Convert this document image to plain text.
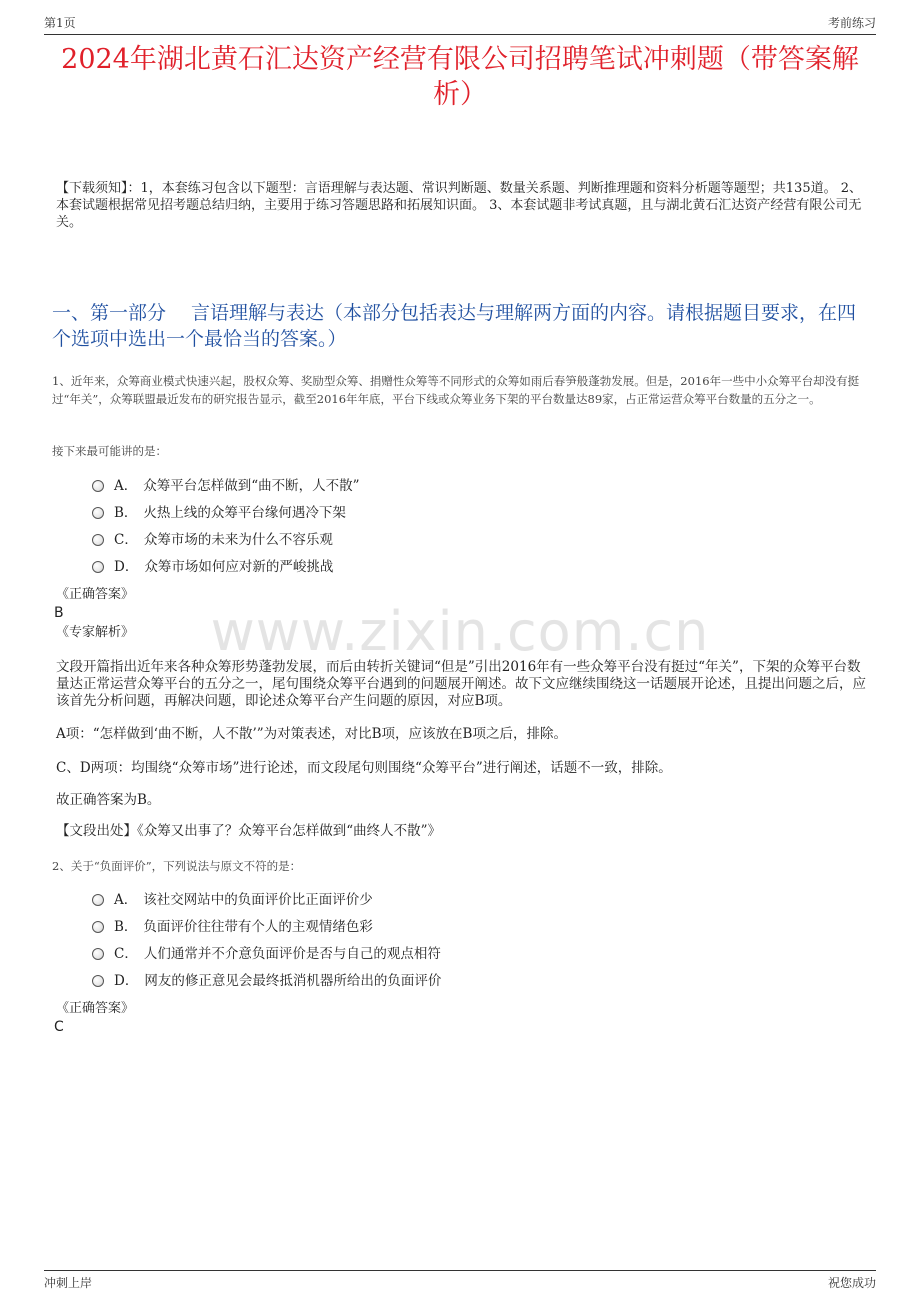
第1页	考前练习
2024年湖北黄石汇达资产经营有限公司招聘笔试冲刺题（带答案解析）

【下载须知】：1，本套练习包含以下题型：言语理解与表达题、常识判断题、数量关系题、判断推理题和资料分析题等题型；共135道。 2、本套试题根据常见招考题总结归纳，主要用于练习答题思路和拓展知识面。 3、本套试题非考试真题，且与湖北黄石汇达资产经营有限公司无关。

一、第一部分　 言语理解与表达（本部分包括表达与理解两方面的内容。请根据题目要求，在四个选项中选出一个最恰当的答案。）

1、近年来，众筹商业模式快速兴起，股权众筹、奖励型众筹、捐赠性众筹等不同形式的众筹如雨后春笋般蓬勃发展。但是，2016年一些中小众筹平台却没有挺过“年关”，众筹联盟最近发布的研究报告显示，截至2016年年底，平台下线或众筹业务下架的平台数量达89家，占正常运营众筹平台数量的五分之一。

接下来最可能讲的是：

A． 众筹平台怎样做到“曲不断，人不散”
B． 火热上线的众筹平台缘何遇冷下架
C． 众筹市场的未来为什么不容乐观
D． 众筹市场如何应对新的严峻挑战

《正确答案》

B

《专家解析》	www.zixin.com.cn

文段开篇指出近年来各种众筹形势蓬勃发展，而后由转折关键词“但是”引出2016年有一些众筹平台没有挺过“年关”，下架的众筹平台数量达正常运营众筹平台的五分之一，尾句围绕众筹平台遇到的问题展开阐述。故下文应继续围绕这一话题展开论述，且提出问题之后，应该首先分析问题，再解决问题，即论述众筹平台产生问题的原因，对应B项。

A项：“怎样做到‘曲不断，人不散’”为对策表述，对比B项，应该放在B项之后，排除。

C、D两项：均围绕“众筹市场”进行论述，而文段尾句则围绕“众筹平台”进行阐述，话题不一致，排除。

故正确答案为B。

【文段出处】《众筹又出事了？众筹平台怎样做到“曲终人不散”》

2、关于“负面评价”，下列说法与原文不符的是：

A． 该社交网站中的负面评价比正面评价少
B． 负面评价往往带有个人的主观情绪色彩
C． 人们通常并不介意负面评价是否与自己的观点相符
D． 网友的修正意见会最终抵消机器所给出的负面评价

《正确答案》

C

冲刺上岸	祝您成功
